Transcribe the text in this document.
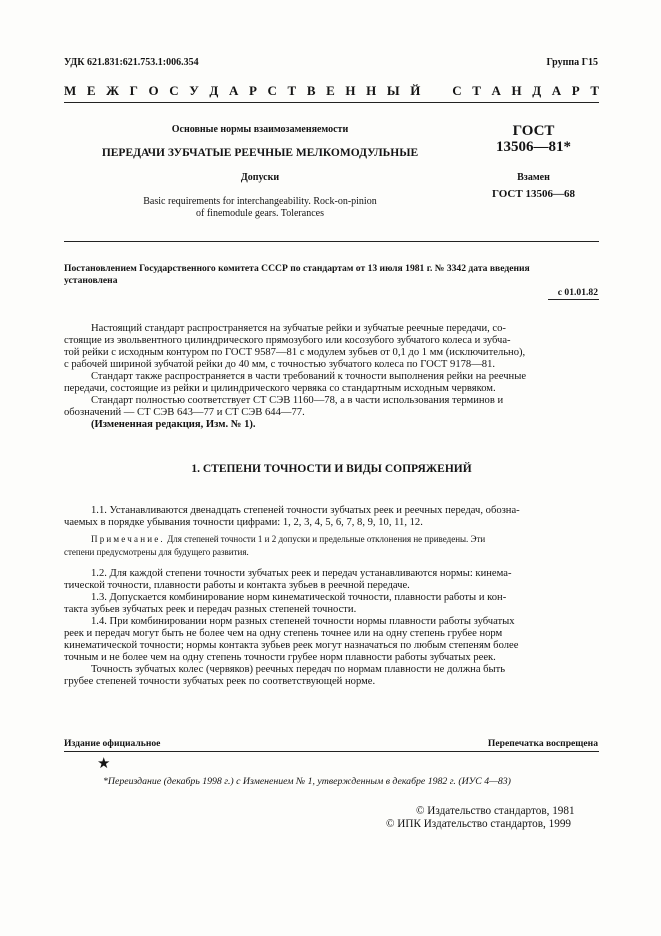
УДК 621.831:621.753.1:006.354	Группа Г15
М Е Ж Г О С У Д А Р С Т В Е Н Н Ы Й С Т А Н Д А Р Т
Основные нормы взаимозаменяемости
ПЕРЕДАЧИ ЗУБЧАТЫЕ РЕЕЧНЫЕ МЕЛКОМОДУЛЬНЫЕ
Допуски
Basic requirements for interchangeability. Rock-on-pinion
of finemodule gears. Tolerances
ГОСТ
13506—81*
Взамен
ГОСТ 13506—68
Постановлением Государственного комитета СССР по стандартам от 13 июля 1981 г. № 3342 дата введения
установлена
с 01.01.82
Настоящий стандарт распространяется на зубчатые рейки и зубчатые реечные передачи, со-
стоящие из эвольвентного цилиндрического прямозубого или косозубого зубчатого колеса и зубча-
той рейки с исходным контуром по ГОСТ 9587—81 с модулем зубьев от 0,1 до 1 мм (исключительно),
с рабочей шириной зубчатой рейки до 40 мм, с точностью зубчатого колеса по ГОСТ 9178—81.
Стандарт также распространяется в части требований к точности выполнения рейки на реечные
передачи, состоящие из рейки и цилиндрического червяка со стандартным исходным червяком.
Стандарт полностью соответствует СТ СЭВ 1160—78, а в части использования терминов и
обозначений — СТ СЭВ 643—77 и СТ СЭВ 644—77.
(Измененная редакция, Изм. № 1).
1. СТЕПЕНИ ТОЧНОСТИ И ВИДЫ СОПРЯЖЕНИЙ
1.1. Устанавливаются двенадцать степеней точности зубчатых реек и реечных передач, обозна-
чаемых в порядке убывания точности цифрами: 1, 2, 3, 4, 5, 6, 7, 8, 9, 10, 11, 12.
Примечание. Для степеней точности 1 и 2 допуски и предельные отклонения не приведены. Эти
степени предусмотрены для будущего развития.
1.2. Для каждой степени точности зубчатых реек и передач устанавливаются нормы: кинема-
тической точности, плавности работы и контакта зубьев в реечной передаче.
1.3. Допускается комбинирование норм кинематической точности, плавности работы и кон-
такта зубьев зубчатых реек и передач разных степеней точности.
1.4. При комбинировании норм разных степеней точности нормы плавности работы зубчатых
реек и передач могут быть не более чем на одну степень точнее или на одну степень грубее норм
кинематической точности; нормы контакта зубьев реек могут назначаться по любым степеням более
точным и не более чем на одну степень точности грубее норм плавности работы зубчатых реек.
Точность зубчатых колес (червяков) реечных передач по нормам плавности не должна быть
грубее степеней точности зубчатых реек по соответствующей норме.
Издание официальное	Перепечатка воспрещена
★
*Переиздание (декабрь 1998 г.) с Изменением № 1, утвержденным в декабре 1982 г. (ИУС 4—83)
© Издательство стандартов, 1981
© ИПК Издательство стандартов, 1999
